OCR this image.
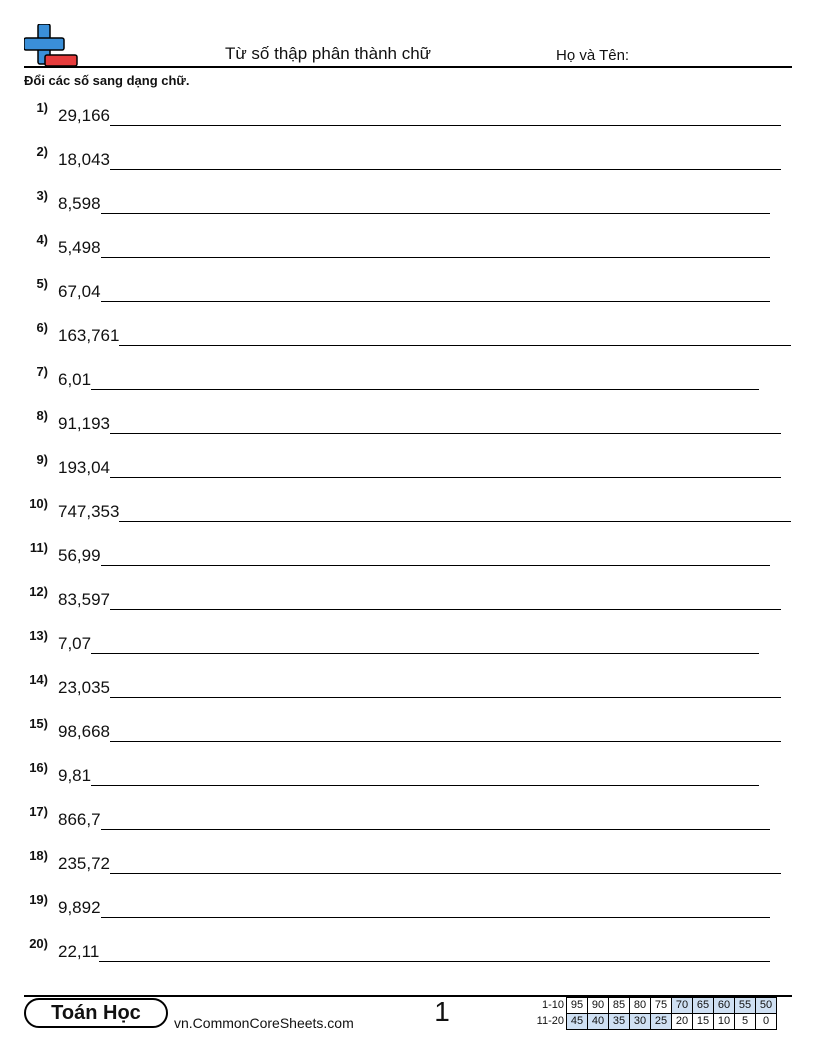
Từ số thập phân thành chữ	Họ và Tên:
Đổi các số sang dạng chữ.
1) 29,166
2) 18,043
3) 8,598
4) 5,498
5) 67,04
6) 163,761
7) 6,01
8) 91,193
9) 193,04
10) 747,353
11) 56,99
12) 83,597
13) 7,07
14) 23,035
15) 98,668
16) 9,81
17) 866,7
18) 235,72
19) 9,892
20) 22,11
Toán Học	vn.CommonCoreSheets.com	1	1-10	95	90	85	80	75	70	65	60	55	50
11-20	45	40	35	30	25	20	15	10	5	0
